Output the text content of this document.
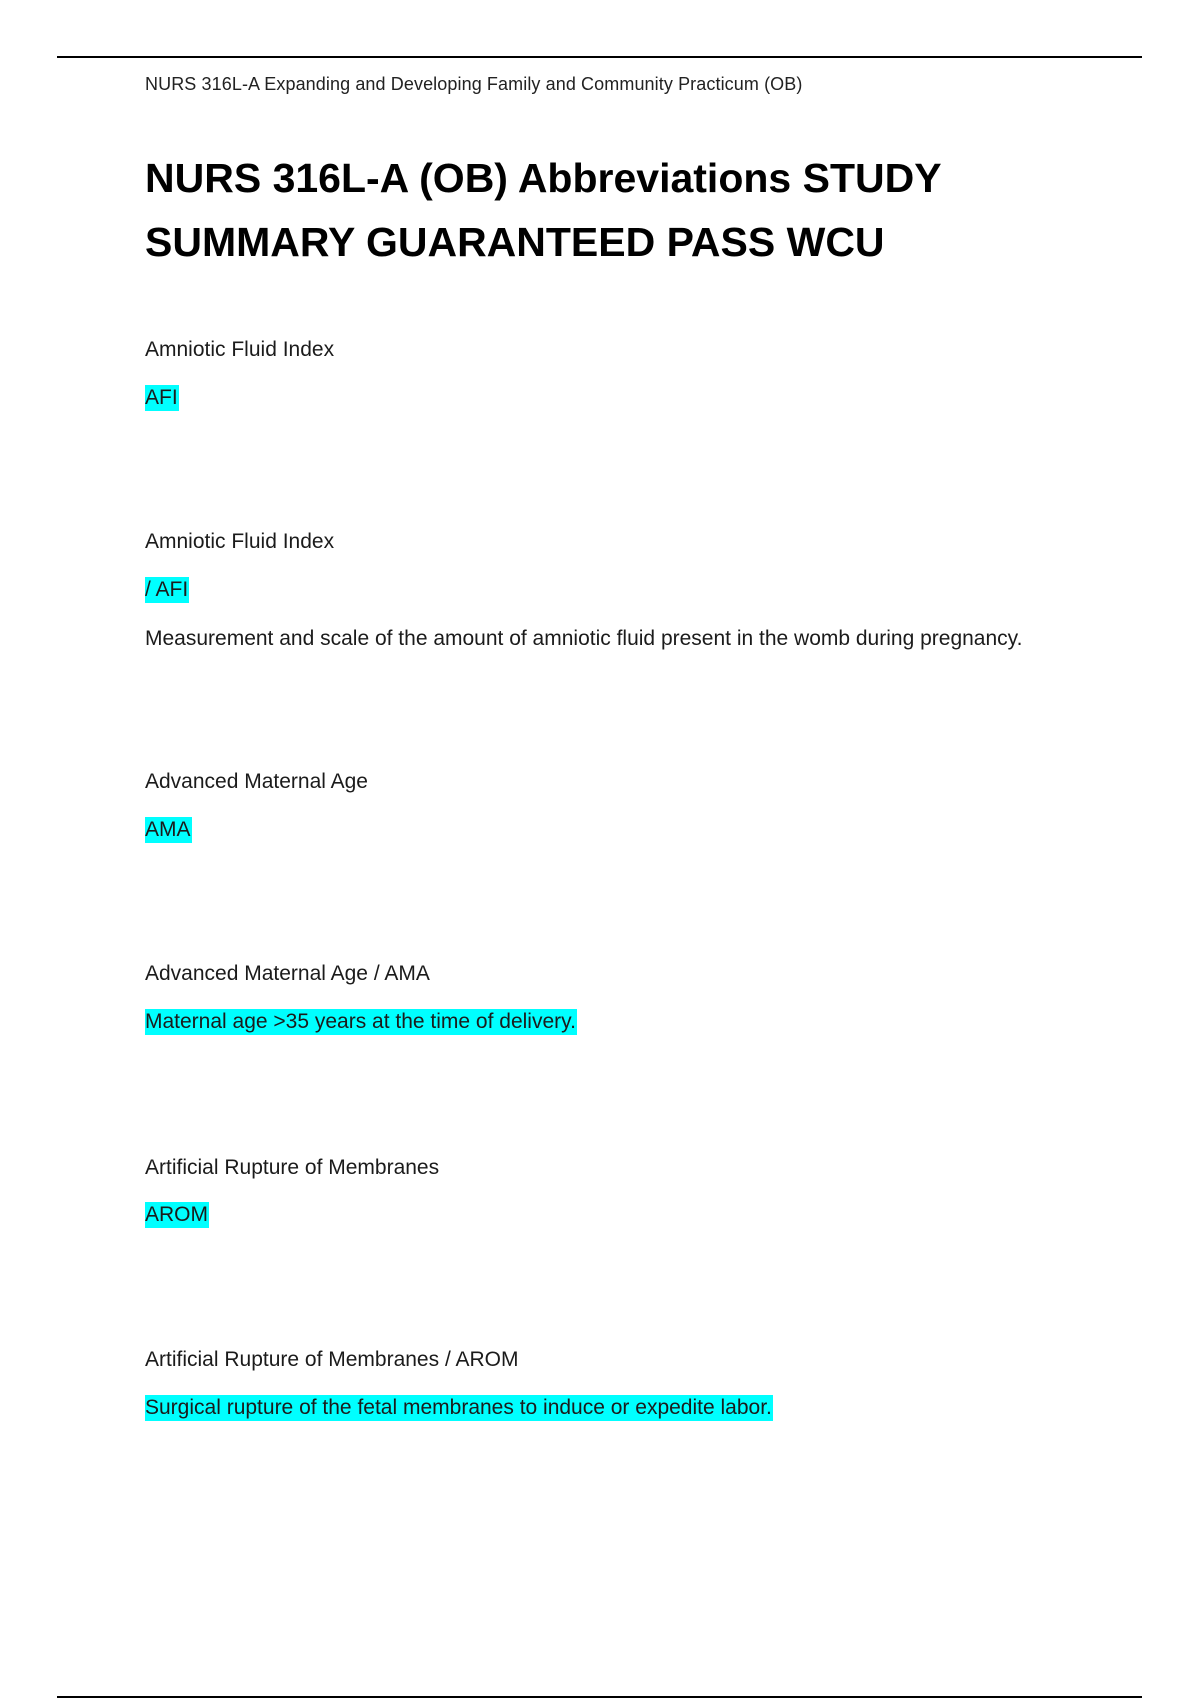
NURS 316L-A Expanding and Developing Family and Community Practicum (OB)
NURS 316L-A (OB) Abbreviations STUDY
SUMMARY GUARANTEED PASS WCU
Amniotic Fluid Index
AFI
Amniotic Fluid Index
/ AFI
Measurement and scale of the amount of amniotic fluid present in the womb during pregnancy.
Advanced Maternal Age
AMA
Advanced Maternal Age / AMA
Maternal age >35 years at the time of delivery.
Artificial Rupture of Membranes
AROM
Artificial Rupture of Membranes / AROM
Surgical rupture of the fetal membranes to induce or expedite labor.
